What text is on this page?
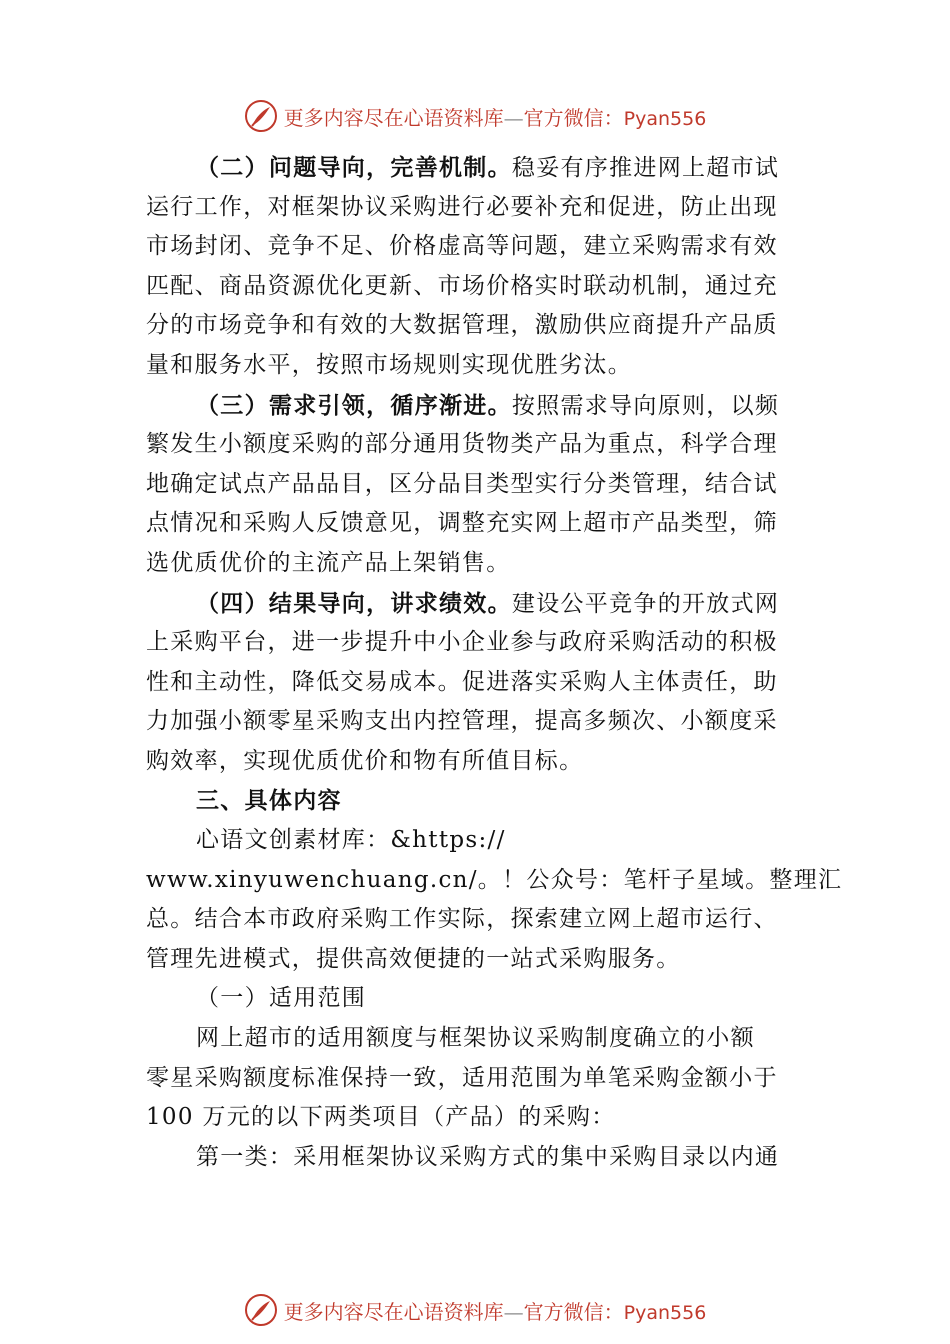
更多内容尽在心语资料库—官方微信：Pyan556
（二）问题导向，完善机制。稳妥有序推进网上超市试
运行工作，对框架协议采购进行必要补充和促进，防止出现
市场封闭、竞争不足、价格虚高等问题，建立采购需求有效
匹配、商品资源优化更新、市场价格实时联动机制，通过充
分的市场竞争和有效的大数据管理，激励供应商提升产品质
量和服务水平，按照市场规则实现优胜劣汰。
（三）需求引领，循序渐进。按照需求导向原则，以频
繁发生小额度采购的部分通用货物类产品为重点，科学合理
地确定试点产品品目，区分品目类型实行分类管理，结合试
点情况和采购人反馈意见，调整充实网上超市产品类型，筛
选优质优价的主流产品上架销售。
（四）结果导向，讲求绩效。建设公平竞争的开放式网
上采购平台，进一步提升中小企业参与政府采购活动的积极
性和主动性，降低交易成本。促进落实采购人主体责任，助
力加强小额零星采购支出内控管理，提高多频次、小额度采
购效率，实现优质优价和物有所值目标。
三、具体内容
心语文创素材库：&https://
www.xinyuwenchuang.cn/。！公众号：笔杆子星域。整理汇
总。结合本市政府采购工作实际，探索建立网上超市运行、
管理先进模式，提供高效便捷的一站式采购服务。
（一）适用范围
网上超市的适用额度与框架协议采购制度确立的小额
零星采购额度标准保持一致，适用范围为单笔采购金额小于
100 万元的以下两类项目（产品）的采购：
第一类：采用框架协议采购方式的集中采购目录以内通
更多内容尽在心语资料库—官方微信：Pyan556
